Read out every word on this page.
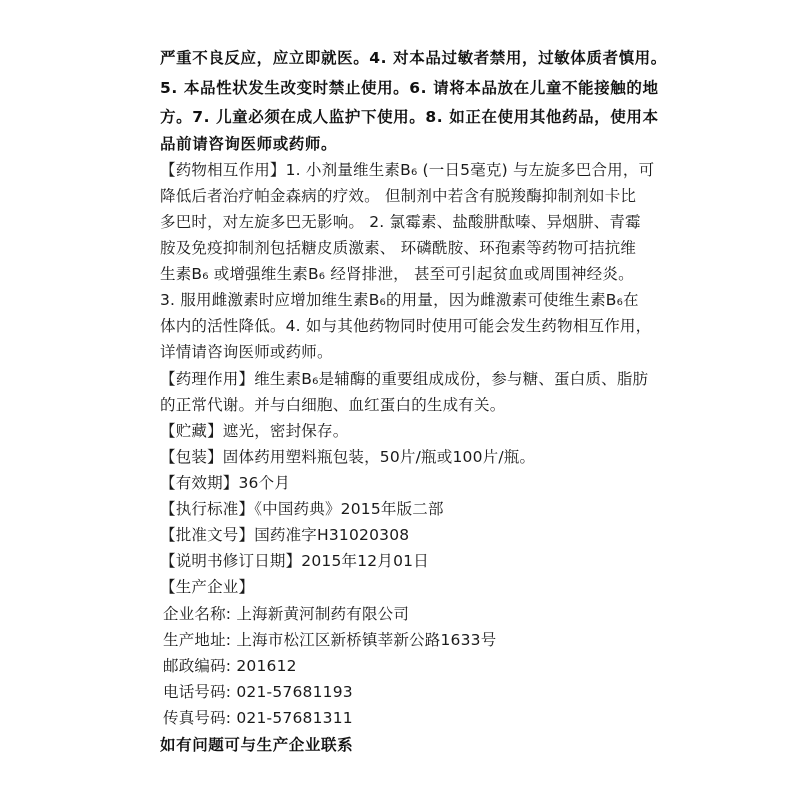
严重不良反应，应立即就医。4. 对本品过敏者禁用，过敏体质者慎用。
5. 本品性状发生改变时禁止使用。6. 请将本品放在儿童不能接触的地
方。7. 儿童必须在成人监护下使用。8. 如正在使用其他药品，使用本
品前请咨询医师或药师。
【药物相互作用】1. 小剂量维生素B₆ (一日5毫克) 与左旋多巴合用，可
降低后者治疗帕金森病的疗效。 但制剂中若含有脱羧酶抑制剂如卡比
多巴时，对左旋多巴无影响。 2. 氯霉素、盐酸肼酞嗪、异烟肼、青霉
胺及免疫抑制剂包括糖皮质激素、 环磷酰胺、环孢素等药物可拮抗维
生素B₆ 或增强维生素B₆ 经肾排泄， 甚至可引起贫血或周围神经炎。
3. 服用雌激素时应增加维生素B₆的用量，因为雌激素可使维生素B₆在
体内的活性降低。4. 如与其他药物同时使用可能会发生药物相互作用，
详情请咨询医师或药师。
【药理作用】维生素B₆是辅酶的重要组成成份，参与糖、蛋白质、脂肪
的正常代谢。并与白细胞、血红蛋白的生成有关。
【贮藏】遮光，密封保存。
【包装】固体药用塑料瓶包装，50片/瓶或100片/瓶。
【有效期】36个月
【执行标准】《中国药典》2015年版二部
【批准文号】国药准字H31020308
【说明书修订日期】2015年12月01日
【生产企业】
企业名称: 上海新黄河制药有限公司
生产地址: 上海市松江区新桥镇莘新公路1633号
邮政编码: 201612
电话号码: 021-57681193
传真号码: 021-57681311
如有问题可与生产企业联系
